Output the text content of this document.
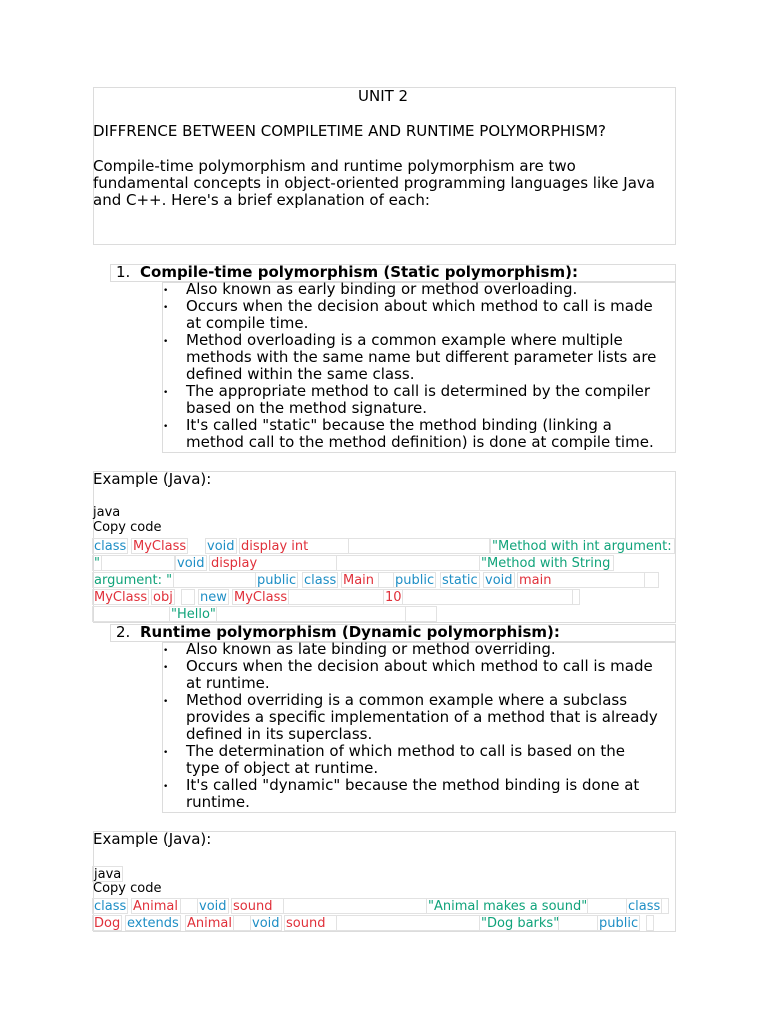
UNIT 2
DIFFRENCE BETWEEN COMPILETIME AND RUNTIME POLYMORPHISM?
Compile-time polymorphism and runtime polymorphism are two
fundamental concepts in object-oriented programming languages like Java
and C++. Here's a brief explanation of each:
1. Compile-time polymorphism (Static polymorphism):
• Also known as early binding or method overloading.
• Occurs when the decision about which method to call is made
at compile time.
• Method overloading is a common example where multiple
methods with the same name but different parameter lists are
defined within the same class.
• The appropriate method to call is determined by the compiler
based on the method signature.
• It's called "static" because the method binding (linking a
method call to the method definition) is done at compile time.
Example (Java):
java
Copy code
class MyClass void display int	"Method with int argument:
"	void display	"Method with String
argument: "	public class Main	public static void main
MyClass obj new MyClass	10
"Hello"
2. Runtime polymorphism (Dynamic polymorphism):
• Also known as late binding or method overriding.
• Occurs when the decision about which method to call is made
at runtime.
• Method overriding is a common example where a subclass
provides a specific implementation of a method that is already
defined in its superclass.
• The determination of which method to call is based on the
type of object at runtime.
• It's called "dynamic" because the method binding is done at
runtime.
Example (Java):
java
Copy code
class Animal void sound	"Animal makes a sound"	class
Dog extends Animal void sound	"Dog barks"	public
